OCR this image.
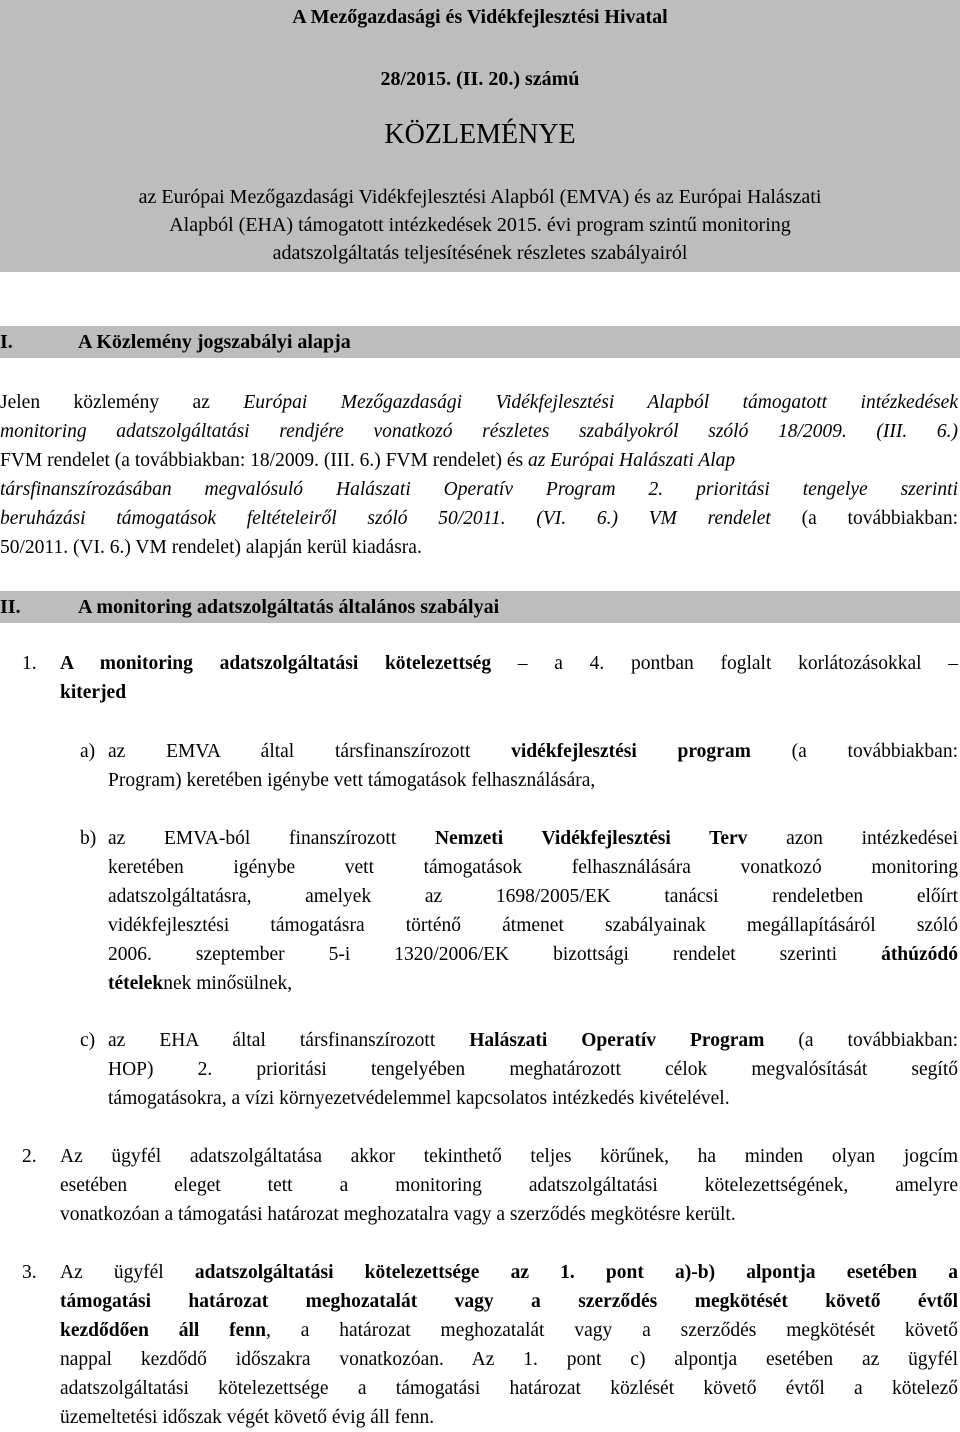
A Mezőgazdasági és Vidékfejlesztési Hivatal
28/2015. (II. 20.) számú
KÖZLEMÉNYE
az Európai Mezőgazdasági Vidékfejlesztési Alapból (EMVA) és az Európai Halászati
Alapból (EHA) támogatott intézkedések 2015. évi program szintű monitoring
adatszolgáltatás teljesítésének részletes szabályairól
I.	A Közlemény jogszabályi alapja
Jelen közlemény az Európai Mezőgazdasági Vidékfejlesztési Alapból támogatott intézkedések
monitoring adatszolgáltatási rendjére vonatkozó részletes szabályokról szóló 18/2009. (III. 6.)
FVM rendelet (a továbbiakban: 18/2009. (III. 6.) FVM rendelet) és az Európai Halászati Alap
társfinanszírozásában megvalósuló Halászati Operatív Program 2. prioritási tengelye szerinti
beruházási támogatások feltételeiről szóló 50/2011. (VI. 6.) VM rendelet (a továbbiakban:
50/2011. (VI. 6.) VM rendelet) alapján kerül kiadásra.
II.	A monitoring adatszolgáltatás általános szabályai
1. A monitoring adatszolgáltatási kötelezettség – a 4. pontban foglalt korlátozásokkal –
kiterjed
a) az EMVA által társfinanszírozott vidékfejlesztési program (a továbbiakban:
Program) keretében igénybe vett támogatások felhasználására,
b) az EMVA-ból finanszírozott Nemzeti Vidékfejlesztési Terv azon intézkedései
keretében igénybe vett támogatások felhasználására vonatkozó monitoring
adatszolgáltatásra, amelyek az 1698/2005/EK tanácsi rendeletben előírt
vidékfejlesztési támogatásra történő átmenet szabályainak megállapításáról szóló
2006. szeptember 5-i 1320/2006/EK bizottsági rendelet szerinti áthúzódó
tételeknek minősülnek,
c) az EHA által társfinanszírozott Halászati Operatív Program (a továbbiakban:
HOP) 2. prioritási tengelyében meghatározott célok megvalósítását segítő
támogatásokra, a vízi környezetvédelemmel kapcsolatos intézkedés kivételével.
2. Az ügyfél adatszolgáltatása akkor tekinthető teljes körűnek, ha minden olyan jogcím
esetében eleget tett a monitoring adatszolgáltatási kötelezettségének, amelyre
vonatkozóan a támogatási határozat meghozatalra vagy a szerződés megkötésre került.
3. Az ügyfél adatszolgáltatási kötelezettsége az 1. pont a)-b) alpontja esetében a
támogatási határozat meghozatalát vagy a szerződés megkötését követő évtől
kezdődően áll fenn, a határozat meghozatalát vagy a szerződés megkötését követő
nappal kezdődő időszakra vonatkozóan. Az 1. pont c) alpontja esetében az ügyfél
adatszolgáltatási kötelezettsége a támogatási határozat közlését követő évtől a kötelező
üzemeltetési időszak végét követő évig áll fenn.
